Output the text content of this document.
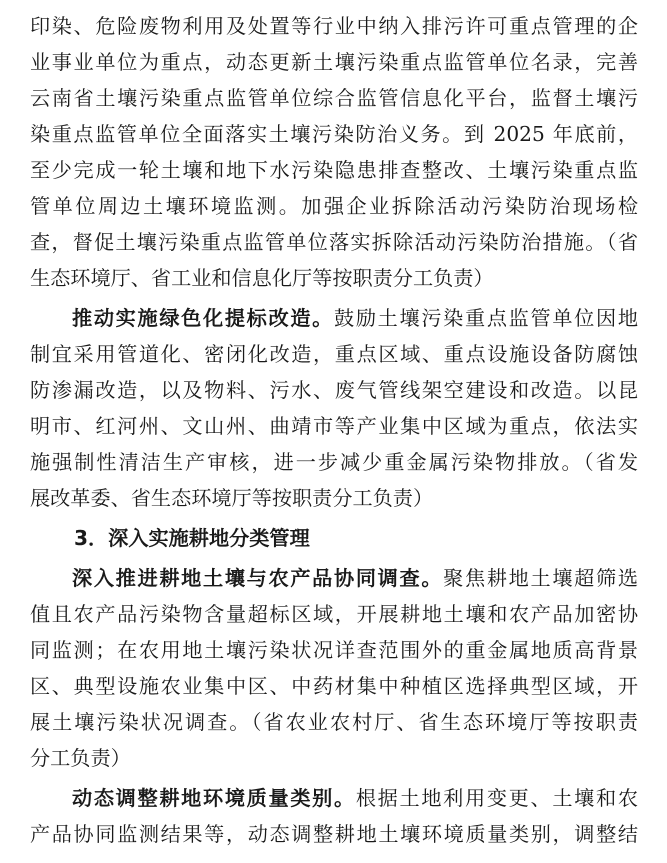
印染、危险废物利用及处置等行业中纳入排污许可重点管理的企
业事业单位为重点，动态更新土壤污染重点监管单位名录，完善
云南省土壤污染重点监管单位综合监管信息化平台，监督土壤污
染重点监管单位全面落实土壤污染防治义务。到 2025 年底前，
至少完成一轮土壤和地下水污染隐患排查整改、土壤污染重点监
管单位周边土壤环境监测。加强企业拆除活动污染防治现场检
查，督促土壤污染重点监管单位落实拆除活动污染防治措施。（省
生态环境厅、省工业和信息化厅等按职责分工负责）
推动实施绿色化提标改造。鼓励土壤污染重点监管单位因地
制宜采用管道化、密闭化改造，重点区域、重点设施设备防腐蚀
防渗漏改造，以及物料、污水、废气管线架空建设和改造。以昆
明市、红河州、文山州、曲靖市等产业集中区域为重点，依法实
施强制性清洁生产审核，进一步减少重金属污染物排放。（省发
展改革委、省生态环境厅等按职责分工负责）
3．深入实施耕地分类管理
深入推进耕地土壤与农产品协同调查。聚焦耕地土壤超筛选
值且农产品污染物含量超标区域，开展耕地土壤和农产品加密协
同监测；在农用地土壤污染状况详查范围外的重金属地质高背景
区、典型设施农业集中区、中药材集中种植区选择典型区域，开
展土壤污染状况调查。（省农业农村厅、省生态环境厅等按职责
分工负责）
动态调整耕地环境质量类别。根据土地利用变更、土壤和农
产品协同监测结果等，动态调整耕地土壤环境质量类别，调整结
